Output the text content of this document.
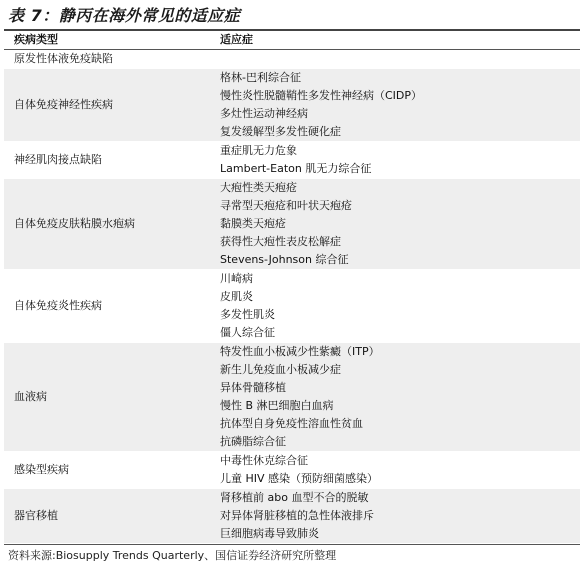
表 7：静丙在海外常见的适应症
疾病类型	适应症
原发性体液免疫缺陷
自体免疫神经性疾病
格林-巴利综合征
慢性炎性脱髓鞘性多发性神经病（CIDP）
多灶性运动神经病
复发缓解型多发性硬化症
神经肌肉接点缺陷
重症肌无力危象
Lambert-Eaton 肌无力综合征
自体免疫皮肤粘膜水疱病
大疱性类天疱疮
寻常型天疱疮和叶状天疱疮
黏膜类天疱疮
获得性大疱性表皮松解症
Stevens-Johnson 综合征
自体免疫炎性疾病
川崎病
皮肌炎
多发性肌炎
僵人综合征
血液病
特发性血小板减少性紫癜（ITP）
新生儿免疫血小板减少症
异体骨髓移植
慢性 B 淋巴细胞白血病
抗体型自身免疫性溶血性贫血
抗磷脂综合征
感染型疾病
中毒性休克综合征
儿童 HIV 感染（预防细菌感染）
器官移植
肾移植前 abo 血型不合的脱敏
对异体肾脏移植的急性体液排斥
巨细胞病毒导致肺炎
资料来源:Biosupply Trends Quarterly、国信证券经济研究所整理
